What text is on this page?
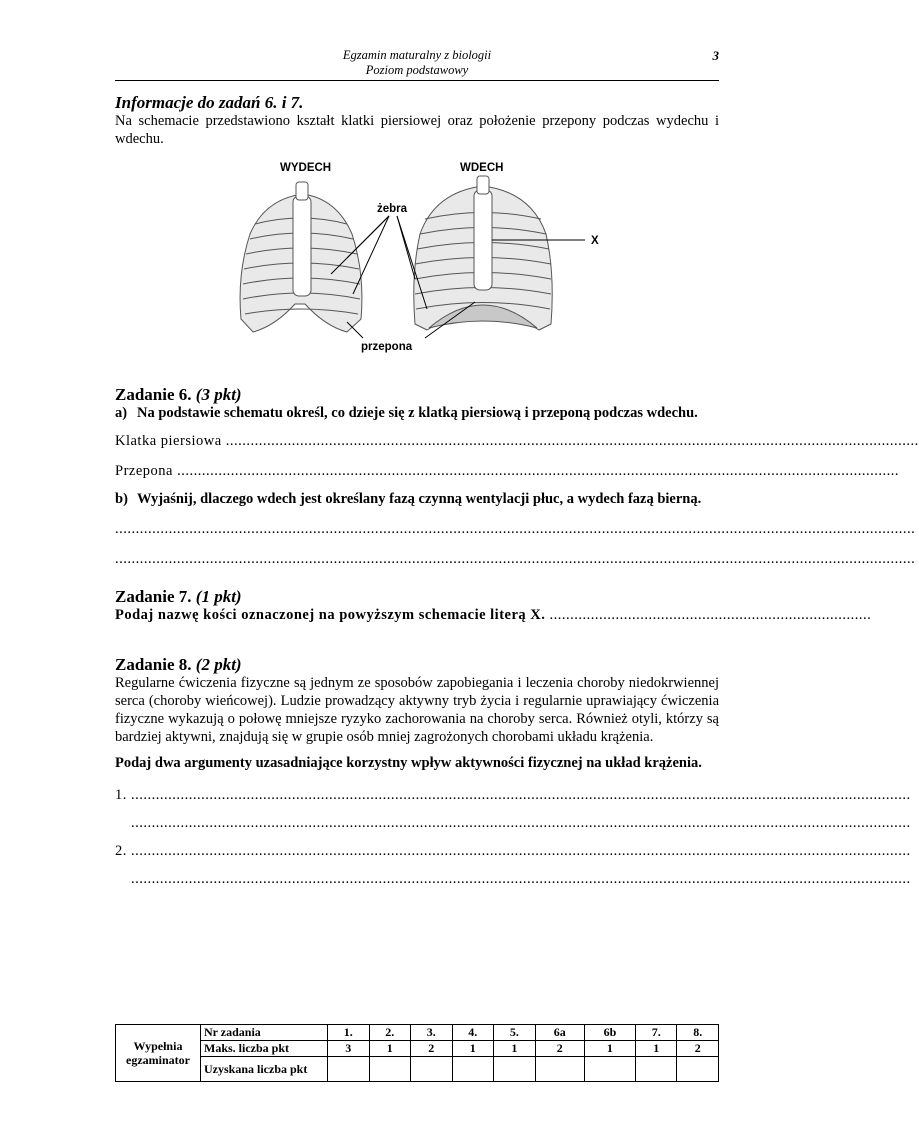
Egzamin maturalny z biologii
Poziom podstawowy
3

Informacje do zadań 6. i 7.

Na schemacie przedstawiono kształt klatki piersiowej oraz położenie przepony podczas wydechu i wdechu.
WYDECH	WDECH
żebra
X
przepona

Zadanie 6. (3 pkt)

a) Na podstawie schematu określ, co dzieje się z klatką piersiową i przeponą podczas wdechu.
Klatka piersiowa ........................................................................................................................................................................
Przepona ...............................................................................................................................................................................
b) Wyjaśnij, dlaczego wdech jest określany fazą czynną wentylacji płuc, a wydech fazą bierną.
..................................................................................................................................................................................................
..................................................................................................................................................................................................

Zadanie 7. (1 pkt)

Podaj nazwę kości oznaczonej na powyższym schemacie literą X. ..............................................................................

Zadanie 8. (2 pkt)

Regularne ćwiczenia fizyczne są jednym ze sposobów zapobiegania i leczenia choroby niedokrwiennej serca (choroby wieńcowej). Ludzie prowadzący aktywny tryb życia i regularnie uprawiający ćwiczenia fizyczne wykazują o połowę mniejsze ryzyko zachorowania na choroby serca. Również otyli, którzy są bardziej aktywni, znajdują się w grupie osób mniej zagrożonych chorobami układu krążenia.
Podaj dwa argumenty uzasadniające korzystny wpływ aktywności fizycznej na układ krążenia.
1. .............................................................................................................................................................................................
.............................................................................................................................................................................................
2. .............................................................................................................................................................................................
.............................................................................................................................................................................................
Wypełnia egzaminator	Nr zadania	1.	2.	3.	4.	5.	6a	6b	7.	8.
	Maks. liczba pkt	3	1	2	1	1	2	1	1	2
	Uzyskana liczba pkt									
